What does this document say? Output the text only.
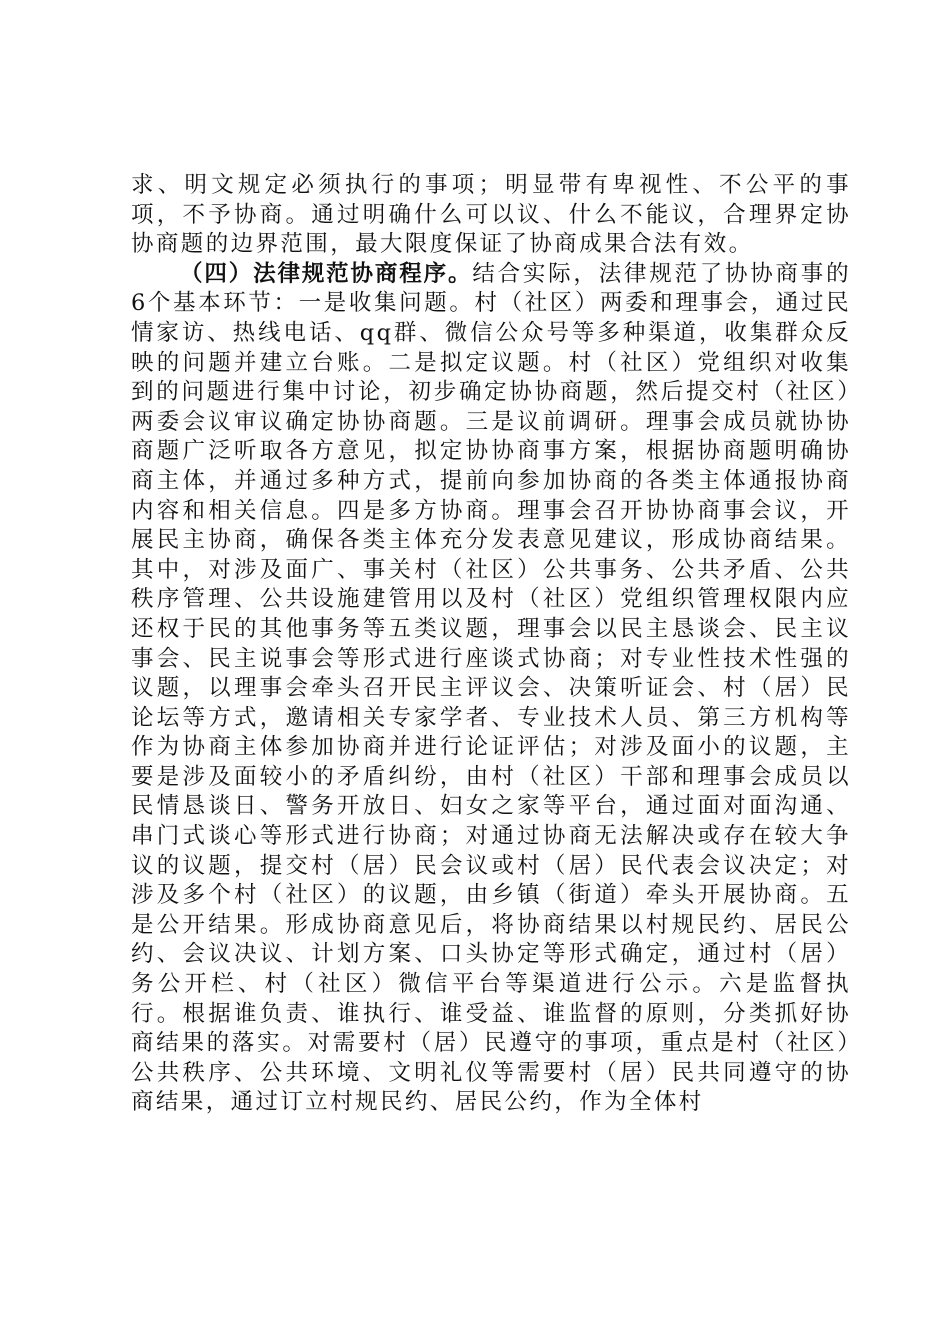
求、明文规定必须执行的事项；明显带有卑视性、不公平的事项，不予协商。通过明确什么可以议、什么不能议，合理界定协协商题的边界范围，最大限度保证了协商成果合法有效。

（四）法律规范协商程序。结合实际，法律规范了协协商事的6个基本环节：一是收集问题。村（社区）两委和理事会，通过民情家访、热线电话、qq群、微信公众号等多种渠道，收集群众反映的问题并建立台账。二是拟定议题。村（社区）党组织对收集到的问题进行集中讨论，初步确定协协商题，然后提交村（社区）两委会议审议确定协协商题。三是议前调研。理事会成员就协协商题广泛听取各方意见，拟定协协商事方案，根据协商题明确协商主体，并通过多种方式，提前向参加协商的各类主体通报协商内容和相关信息。四是多方协商。理事会召开协协商事会议，开展民主协商，确保各类主体充分发表意见建议，形成协商结果。其中，对涉及面广、事关村（社区）公共事务、公共矛盾、公共秩序管理、公共设施建管用以及村（社区）党组织管理权限内应还权于民的其他事务等五类议题，理事会以民主恳谈会、民主议事会、民主说事会等形式进行座谈式协商；对专业性技术性强的议题，以理事会牵头召开民主评议会、决策听证会、村（居）民论坛等方式，邀请相关专家学者、专业技术人员、第三方机构等作为协商主体参加协商并进行论证评估；对涉及面小的议题，主要是涉及面较小的矛盾纠纷，由村（社区）干部和理事会成员以民情恳谈日、警务开放日、妇女之家等平台，通过面对面沟通、串门式谈心等形式进行协商；对通过协商无法解决或存在较大争议的议题，提交村（居）民会议或村（居）民代表会议决定；对涉及多个村（社区）的议题，由乡镇（街道）牵头开展协商。五是公开结果。形成协商意见后，将协商结果以村规民约、居民公约、会议决议、计划方案、口头协定等形式确定，通过村（居）务公开栏、村（社区）微信平台等渠道进行公示。六是监督执行。根据谁负责、谁执行、谁受益、谁监督的原则，分类抓好协商结果的落实。对需要村（居）民遵守的事项，重点是村（社区）公共秩序、公共环境、文明礼仪等需要村（居）民共同遵守的协商结果，通过订立村规民约、居民公约，作为全体村
